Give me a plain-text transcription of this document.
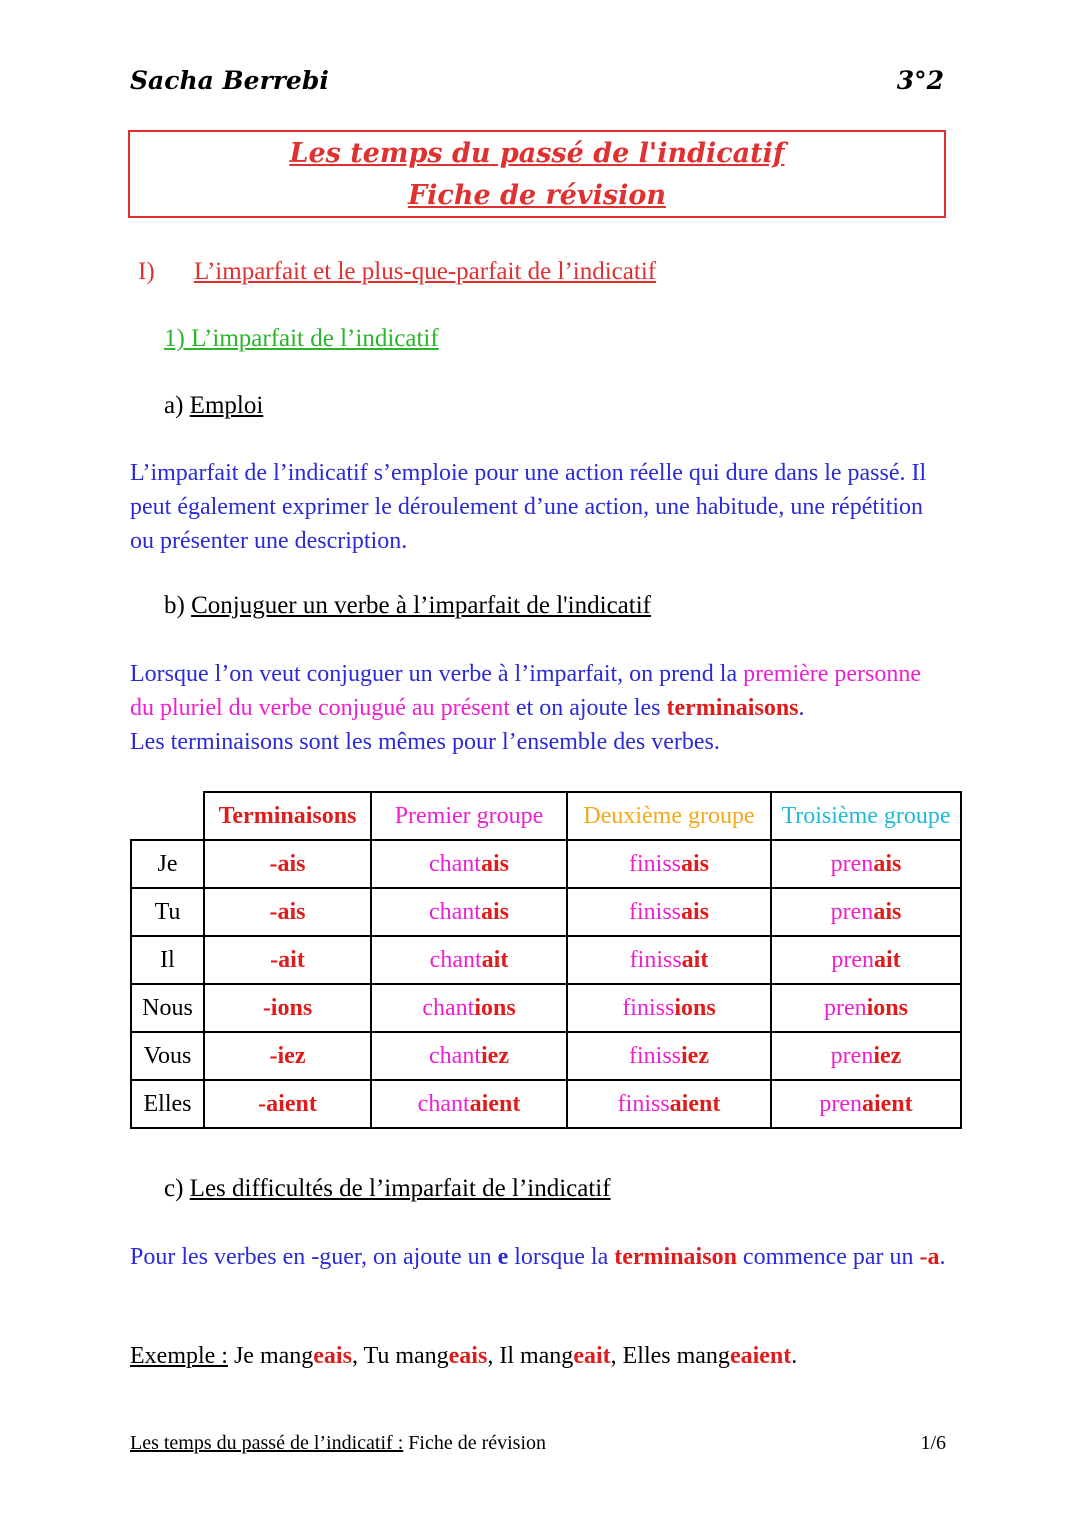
Sacha Berrebi	3°2
Les temps du passé de l'indicatif
Fiche de révision
I) L’imparfait et le plus-que-parfait de l’indicatif
1) L’imparfait de l’indicatif
a) Emploi
L’imparfait de l’indicatif s’emploie pour une action réelle qui dure dans le passé. Il peut également exprimer le déroulement d’une action, une habitude, une répétition ou présenter une description.
b) Conjuguer un verbe à l’imparfait de l'indicatif
Lorsque l’on veut conjuguer un verbe à l’imparfait, on prend la première personne du pluriel du verbe conjugué au présent et on ajoute les terminaisons.
Les terminaisons sont les mêmes pour l’ensemble des verbes.
	Terminaisons	Premier groupe	Deuxième groupe	Troisième groupe
Je	-ais	chantais	finissais	prenais
Tu	-ais	chantais	finissais	prenais
Il	-ait	chantait	finissait	prenait
Nous	-ions	chantions	finissions	prenions
Vous	-iez	chantiez	finissiez	preniez
Elles	-aient	chantaient	finissaient	prenaient
c) Les difficultés de l’imparfait de l’indicatif
Pour les verbes en -guer, on ajoute un e lorsque la terminaison commence par un -a.
Exemple : Je mangeais, Tu mangeais, Il mangeait, Elles mangeaient.
Les temps du passé de l’indicatif : Fiche de révision	1/6
